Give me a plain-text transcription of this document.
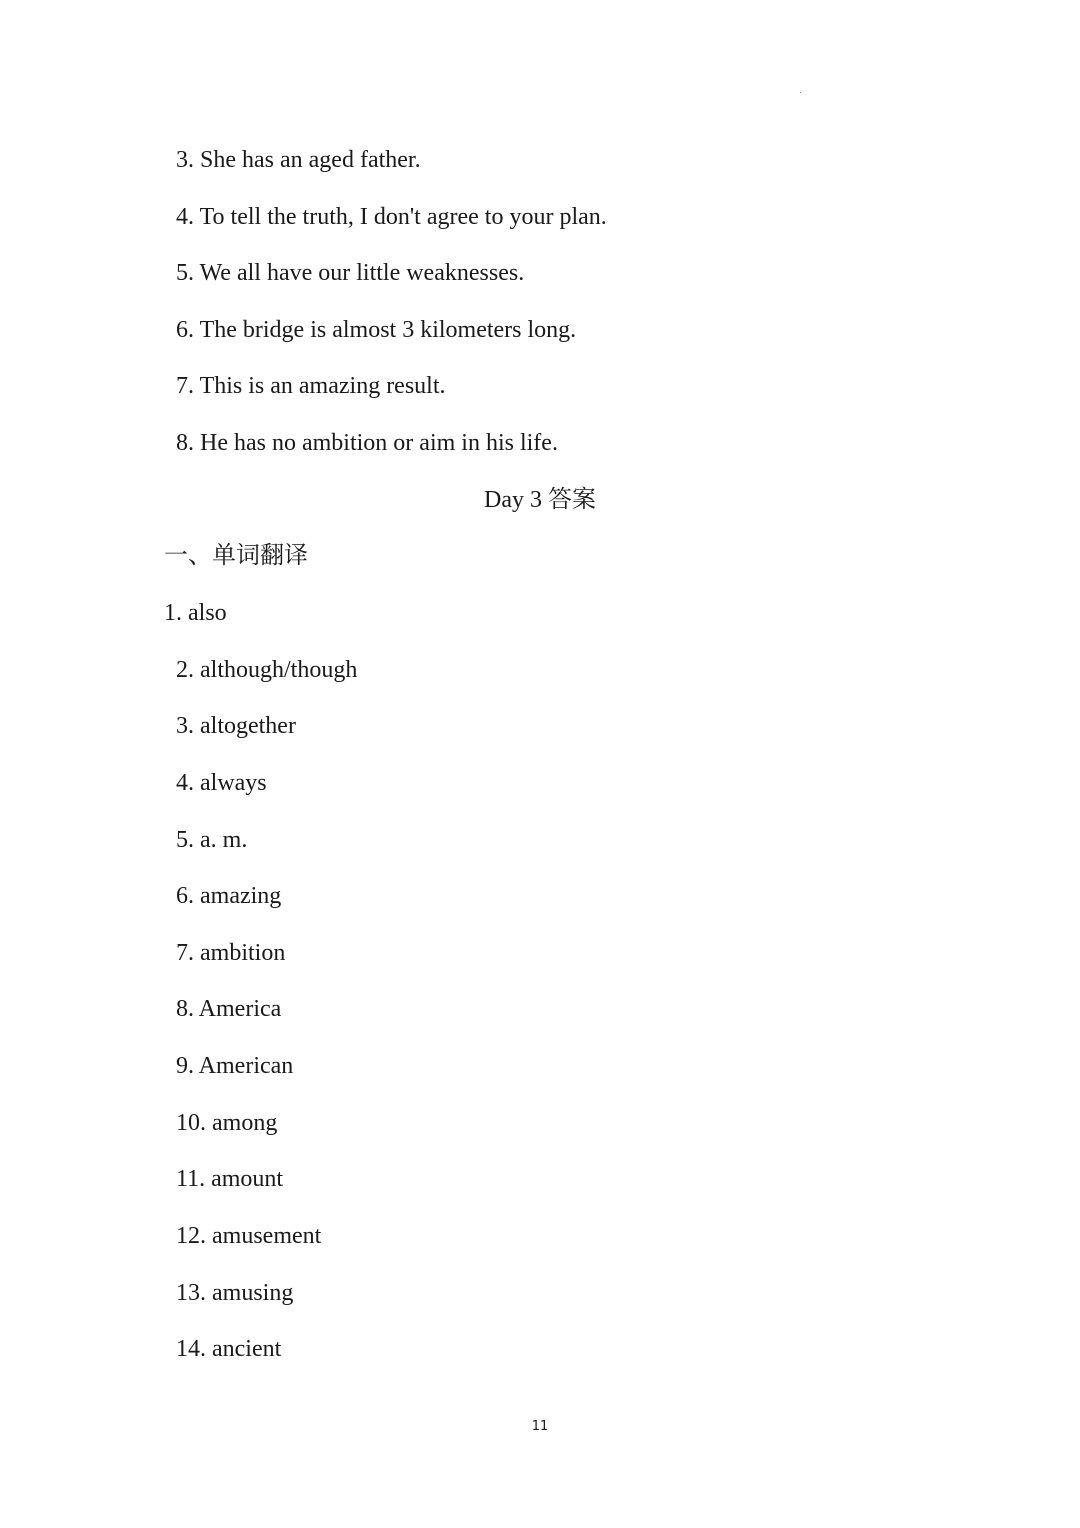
3. She has an aged father.
4. To tell the truth, I don't agree to your plan.
5. We all have our little weaknesses.
6. The bridge is almost 3 kilometers long.
7. This is an amazing result.
8. He has no ambition or aim in his life.
Day 3 答案
一、单词翻译
1. also
2. although/though
3. altogether
4. always
5. a. m.
6. amazing
7. ambition
8. America
9. American
10. among
11. amount
12. amusement
13. amusing
14. ancient
11
